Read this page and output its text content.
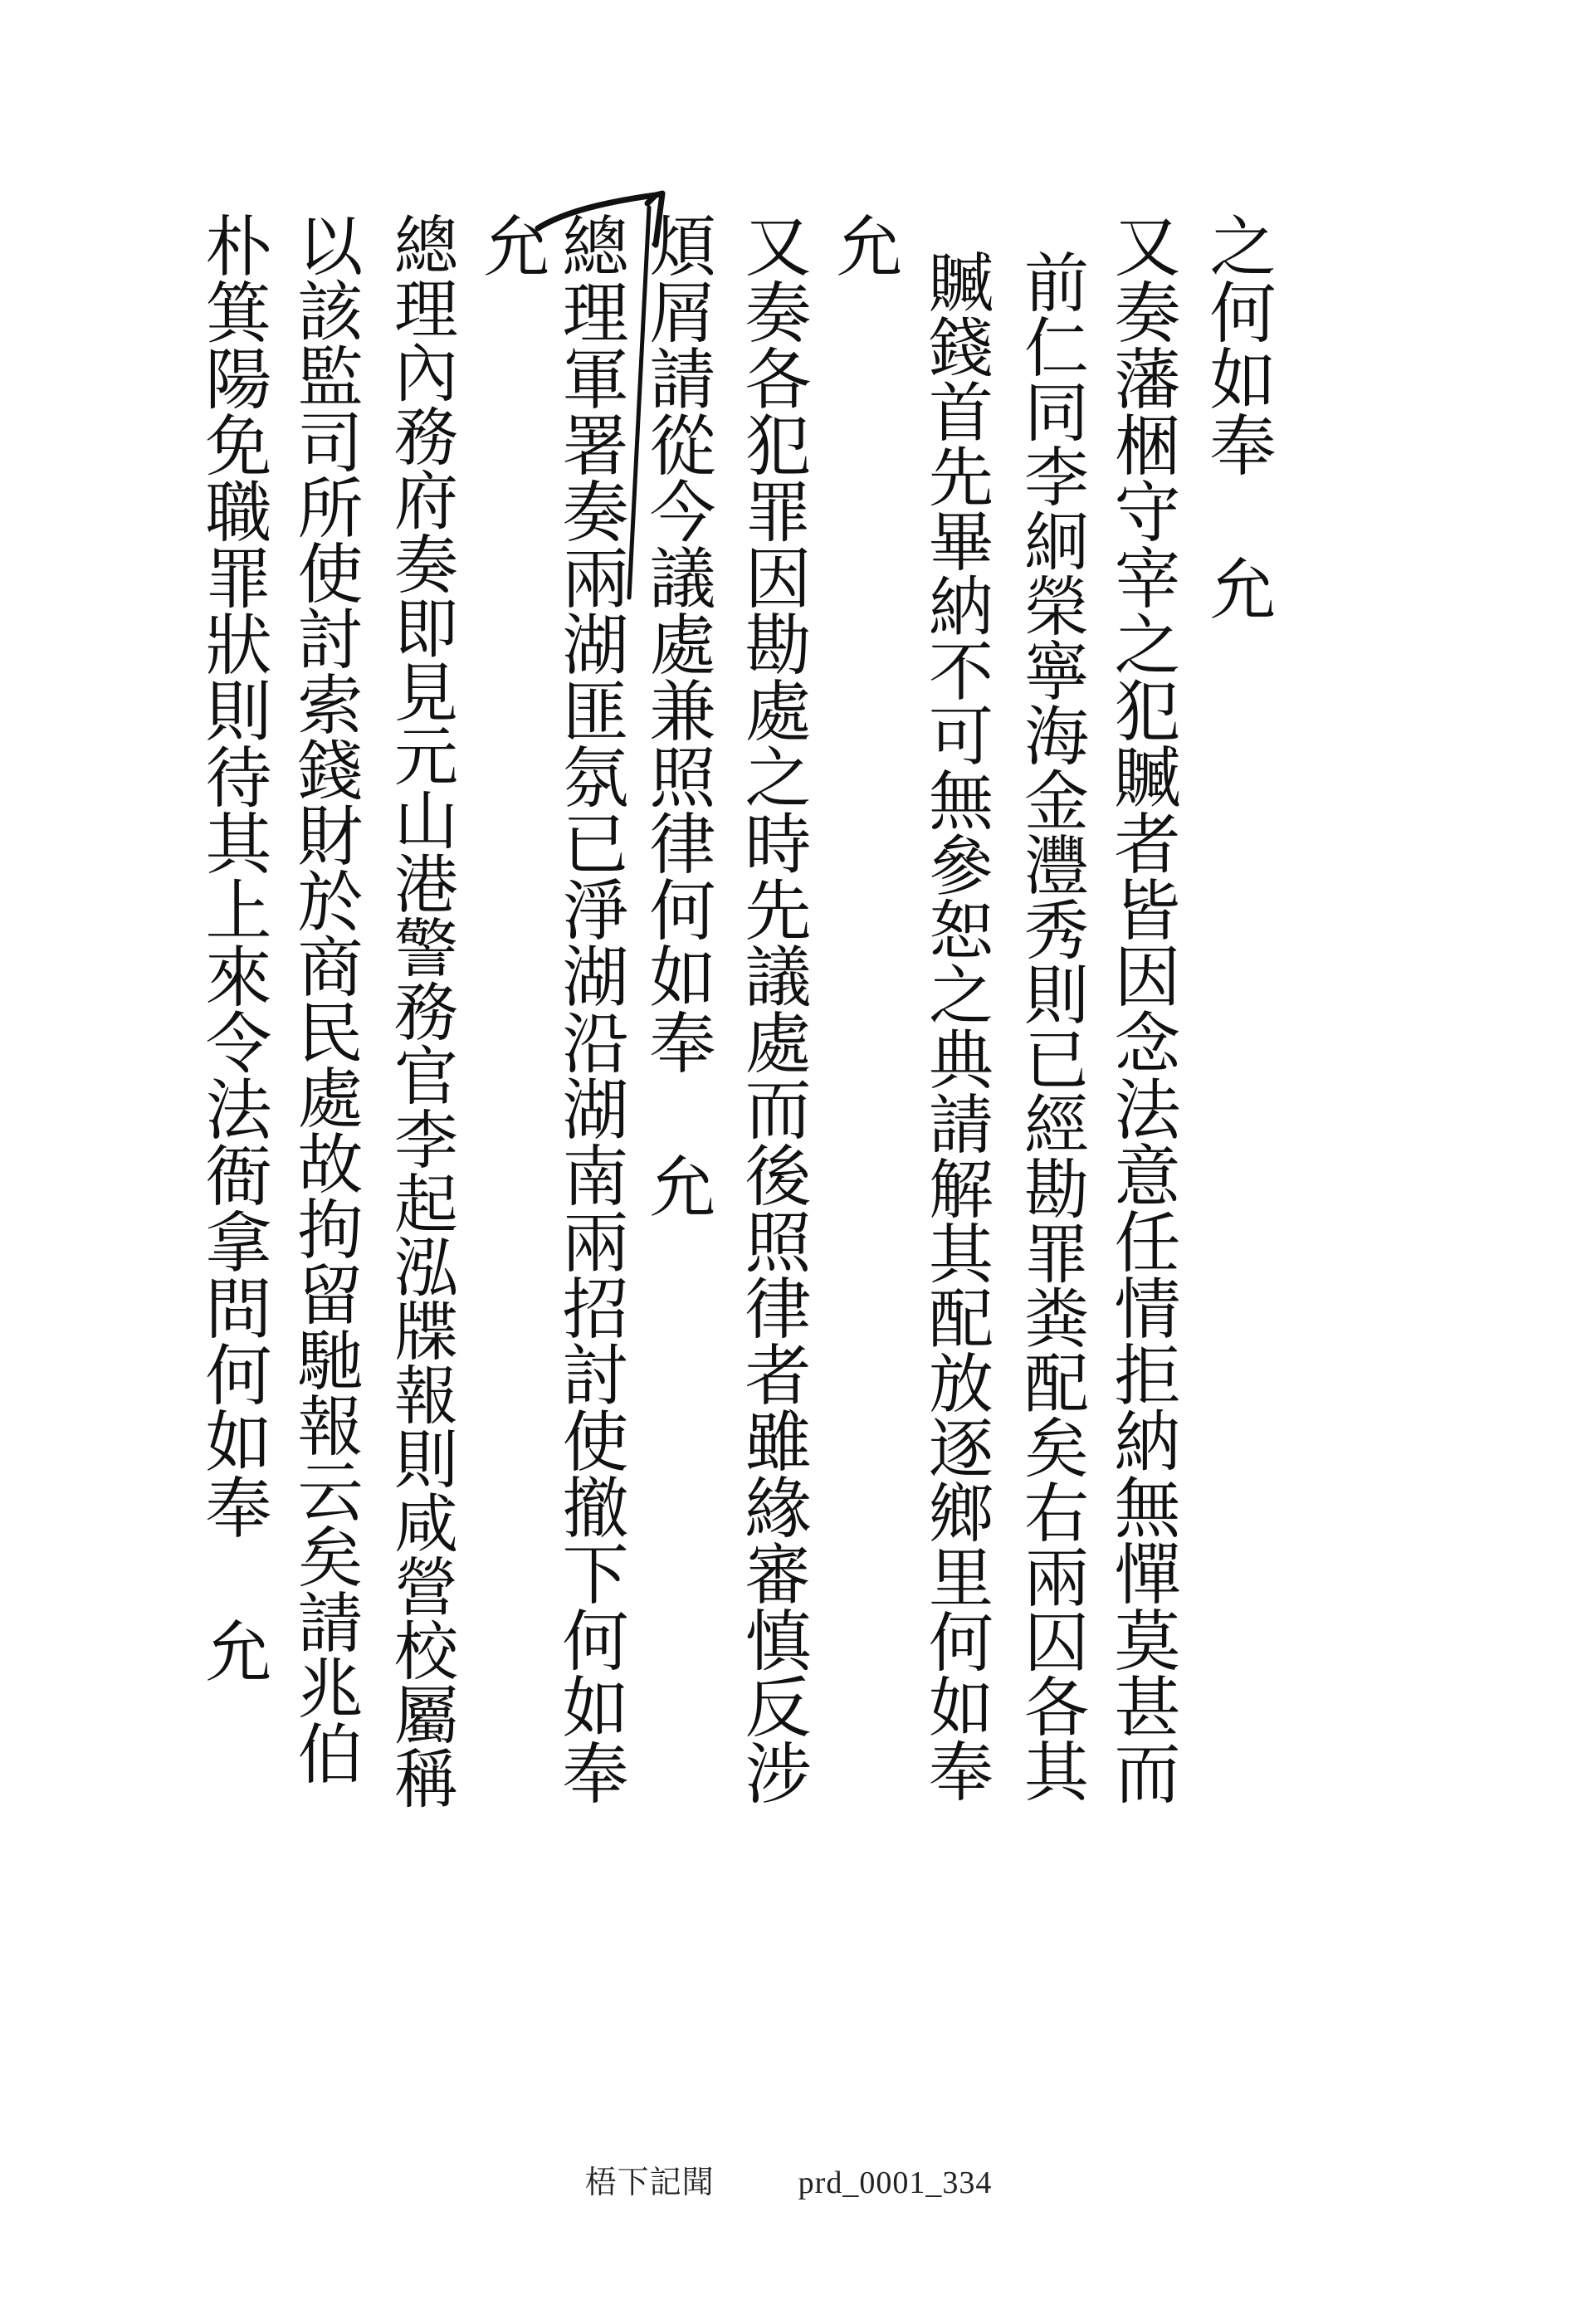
之何如奉 允
又奏藩梱守宰之犯贓者皆因念法意任情拒納無憚莫甚而
前仁同李絅榮寧海金灃秀則已經勘罪粪配矣右兩囚各其
贓錢首先畢納不可無參恕之典請解其配放逐鄉里何如奉
允
又奏各犯罪因勘處之時先議處而後照律者雖緣審慎反涉
煩屑請從今議處兼照律何如奉 允
總理軍署奏兩湖匪氛已淨湖沿湖南兩招討使撤下何如奉
允
總理內務府奏即見元山港警務官李起泓牒報則咸營校屬稱
以該監司所使討索錢財於商民處故拘留馳報云矣請兆伯
朴箕陽免職罪狀則待其上來令法衙拿問何如奉 允
梧下記聞	prd_0001_334
